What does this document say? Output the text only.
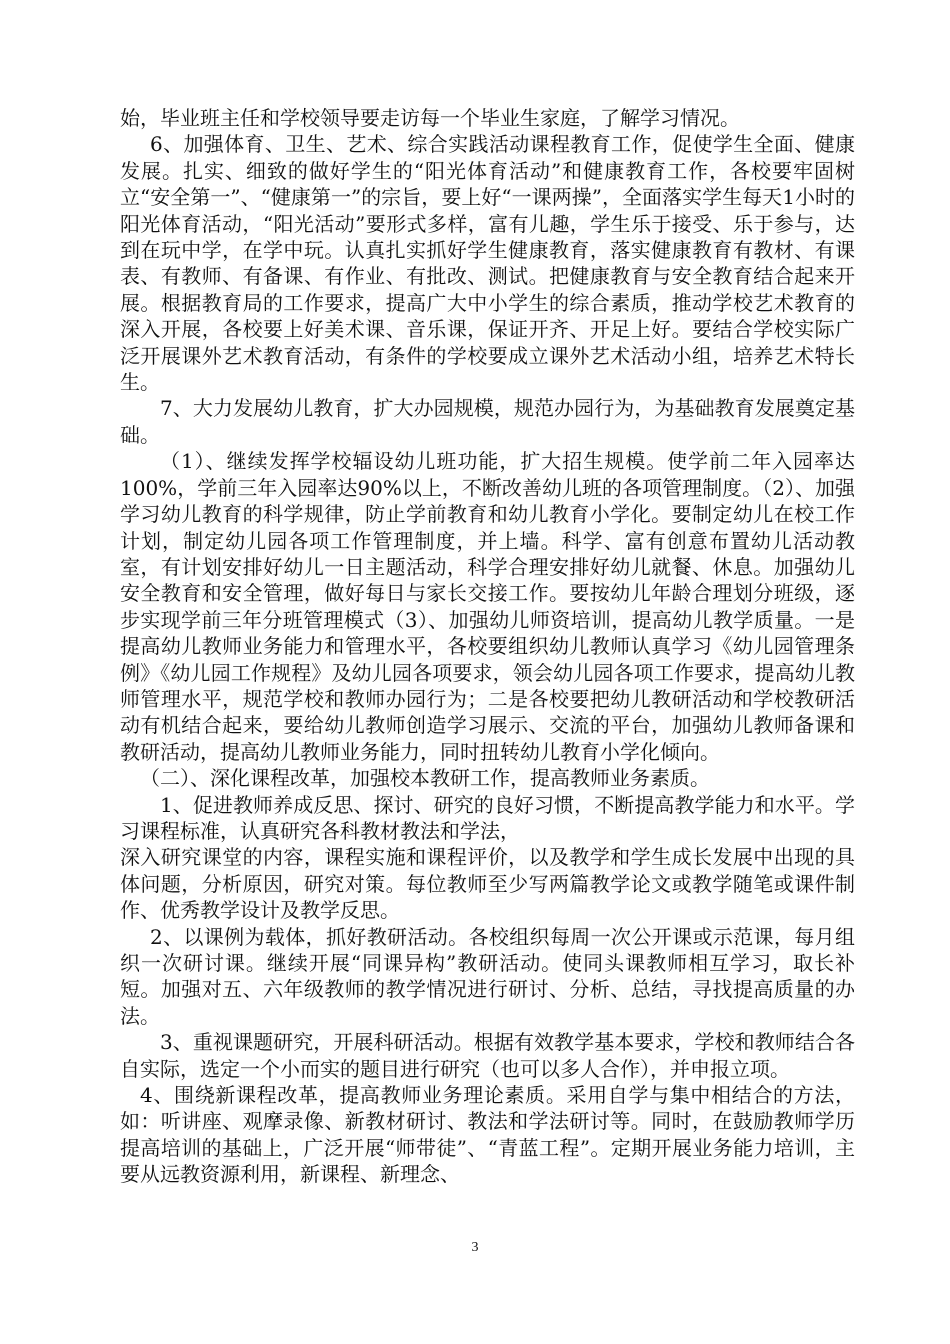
始，毕业班主任和学校领导要走访每一个毕业生家庭，了解学习情况。

6、加强体育、卫生、艺术、综合实践活动课程教育工作，促使学生全面、健康发展。扎实、细致的做好学生的“阳光体育活动”和健康教育工作，各校要牢固树立“安全第一”、“健康第一”的宗旨，要上好“一课两操”，全面落实学生每天1小时的阳光体育活动，“阳光活动”要形式多样，富有儿趣，学生乐于接受、乐于参与，达到在玩中学，在学中玩。认真扎实抓好学生健康教育，落实健康教育有教材、有课表、有教师、有备课、有作业、有批改、测试。把健康教育与安全教育结合起来开展。根据教育局的工作要求，提高广大中小学生的综合素质，推动学校艺术教育的深入开展，各校要上好美术课、音乐课，保证开齐、开足上好。要结合学校实际广泛开展课外艺术教育活动，有条件的学校要成立课外艺术活动小组，培养艺术特长生。

7、大力发展幼儿教育，扩大办园规模，规范办园行为，为基础教育发展奠定基础。

（1）、继续发挥学校辐设幼儿班功能，扩大招生规模。使学前二年入园率达100%，学前三年入园率达90%以上，不断改善幼儿班的各项管理制度。（2）、加强学习幼儿教育的科学规律，防止学前教育和幼儿教育小学化。要制定幼儿在校工作计划，制定幼儿园各项工作管理制度，并上墙。科学、富有创意布置幼儿活动教室，有计划安排好幼儿一日主题活动，科学合理安排好幼儿就餐、休息。加强幼儿安全教育和安全管理，做好每日与家长交接工作。要按幼儿年龄合理划分班级，逐步实现学前三年分班管理模式（3）、加强幼儿师资培训，提高幼儿教学质量。一是提高幼儿教师业务能力和管理水平，各校要组织幼儿教师认真学习《幼儿园管理条例》《幼儿园工作规程》及幼儿园各项要求，领会幼儿园各项工作要求，提高幼儿教师管理水平，规范学校和教师办园行为；二是各校要把幼儿教研活动和学校教研活动有机结合起来，要给幼儿教师创造学习展示、交流的平台，加强幼儿教师备课和教研活动，提高幼儿教师业务能力，同时扭转幼儿教育小学化倾向。

（二）、深化课程改革，加强校本教研工作，提高教师业务素质。

1、促进教师养成反思、探讨、研究的良好习惯，不断提高教学能力和水平。学习课程标准，认真研究各科教材教法和学法，

深入研究课堂的内容，课程实施和课程评价，以及教学和学生成长发展中出现的具体问题，分析原因，研究对策。每位教师至少写两篇教学论文或教学随笔或课件制作、优秀教学设计及教学反思。

2、以课例为载体，抓好教研活动。各校组织每周一次公开课或示范课，每月组织一次研讨课。继续开展“同课异构”教研活动。使同头课教师相互学习，取长补短。加强对五、六年级教师的教学情况进行研讨、分析、总结，寻找提高质量的办法。

3、重视课题研究，开展科研活动。根据有效教学基本要求，学校和教师结合各自实际，选定一个小而实的题目进行研究（也可以多人合作），并申报立项。

4、围绕新课程改革，提高教师业务理论素质。采用自学与集中相结合的方法，如：听讲座、观摩录像、新教材研讨、教法和学法研讨等。同时，在鼓励教师学历提高培训的基础上，广泛开展“师带徒”、“青蓝工程”。定期开展业务能力培训，主要从远教资源利用，新课程、新理念、

3
